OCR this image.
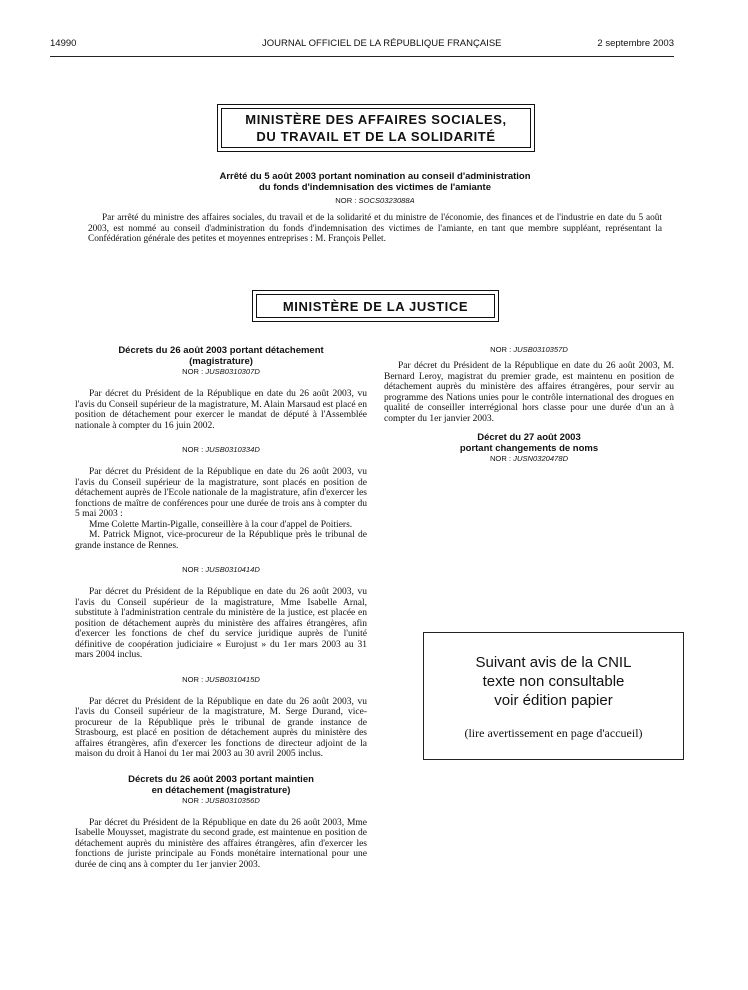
14990	JOURNAL OFFICIEL DE LA RÉPUBLIQUE FRANÇAISE	2 septembre 2003
MINISTÈRE DES AFFAIRES SOCIALES,
DU TRAVAIL ET DE LA SOLIDARITÉ
Arrêté du 5 août 2003 portant nomination au conseil d'administration
du fonds d'indemnisation des victimes de l'amiante
NOR : SOCS0323088A

Par arrêté du ministre des affaires sociales, du travail et de la solidarité et du ministre de l'économie, des finances et de l'industrie en date du 5 août 2003, est nommé au conseil d'administration du fonds d'indemnisation des victimes de l'amiante, en tant que membre suppléant, représentant la Confédération générale des petites et moyennes entreprises : M. François Pellet.

MINISTÈRE DE LA JUSTICE
Décrets du 26 août 2003 portant détachement
(magistrature)
NOR : JUSB0310307D

Par décret du Président de la République en date du 26 août 2003, vu l'avis du Conseil supérieur de la magistrature, M. Alain Marsaud est placé en position de détachement pour exercer le mandat de député à l'Assemblée nationale à compter du 16 juin 2002.

NOR : JUSB0310334D

Par décret du Président de la République en date du 26 août 2003, vu l'avis du Conseil supérieur de la magistrature, sont placés en position de détachement auprès de l'Ecole nationale de la magistrature, afin d'exercer les fonctions de maître de conférences pour une durée de trois ans à compter du 5 mai 2003 :

Mme Colette Martin-Pigalle, conseillère à la cour d'appel de Poitiers.

M. Patrick Mignot, vice-procureur de la République près le tribunal de grande instance de Rennes.

NOR : JUSB0310414D

Par décret du Président de la République en date du 26 août 2003, vu l'avis du Conseil supérieur de la magistrature, Mme Isabelle Arnal, substitute à l'administration centrale du ministère de la justice, est placée en position de détachement auprès du ministère des affaires étrangères, afin d'exercer les fonctions de chef du service juridique auprès de l'unité définitive de coopération judiciaire « Eurojust » du 1er mars 2003 au 31 mars 2004 inclus.

NOR : JUSB0310415D

Par décret du Président de la République en date du 26 août 2003, vu l'avis du Conseil supérieur de la magistrature, M. Serge Durand, vice-procureur de la République près le tribunal de grande instance de Strasbourg, est placé en position de détachement auprès du ministère des affaires étrangères, afin d'exercer les fonctions de directeur adjoint de la maison du droit à Hanoi du 1er mai 2003 au 30 avril 2005 inclus.

Décrets du 26 août 2003 portant maintien
en détachement (magistrature)
NOR : JUSB0310356D

Par décret du Président de la République en date du 26 août 2003, Mme Isabelle Mouysset, magistrate du second grade, est maintenue en position de détachement auprès du ministère des affaires étrangères, afin d'exercer les fonctions de juriste principale au Fonds monétaire international pour une durée de cinq ans à compter du 1er janvier 2003.

NOR : JUSB0310357D

Par décret du Président de la République en date du 26 août 2003, M. Bernard Leroy, magistrat du premier grade, est maintenu en position de détachement auprès du ministère des affaires étrangères, pour servir au programme des Nations unies pour le contrôle international des drogues en qualité de conseiller interrégional hors classe pour une durée d'un an à compter du 1er janvier 2003.

Décret du 27 août 2003
portant changements de noms
NOR : JUSN0320478D
Suivant avis de la CNIL
texte non consultable
voir édition papier
(lire avertissement en page d'accueil)
